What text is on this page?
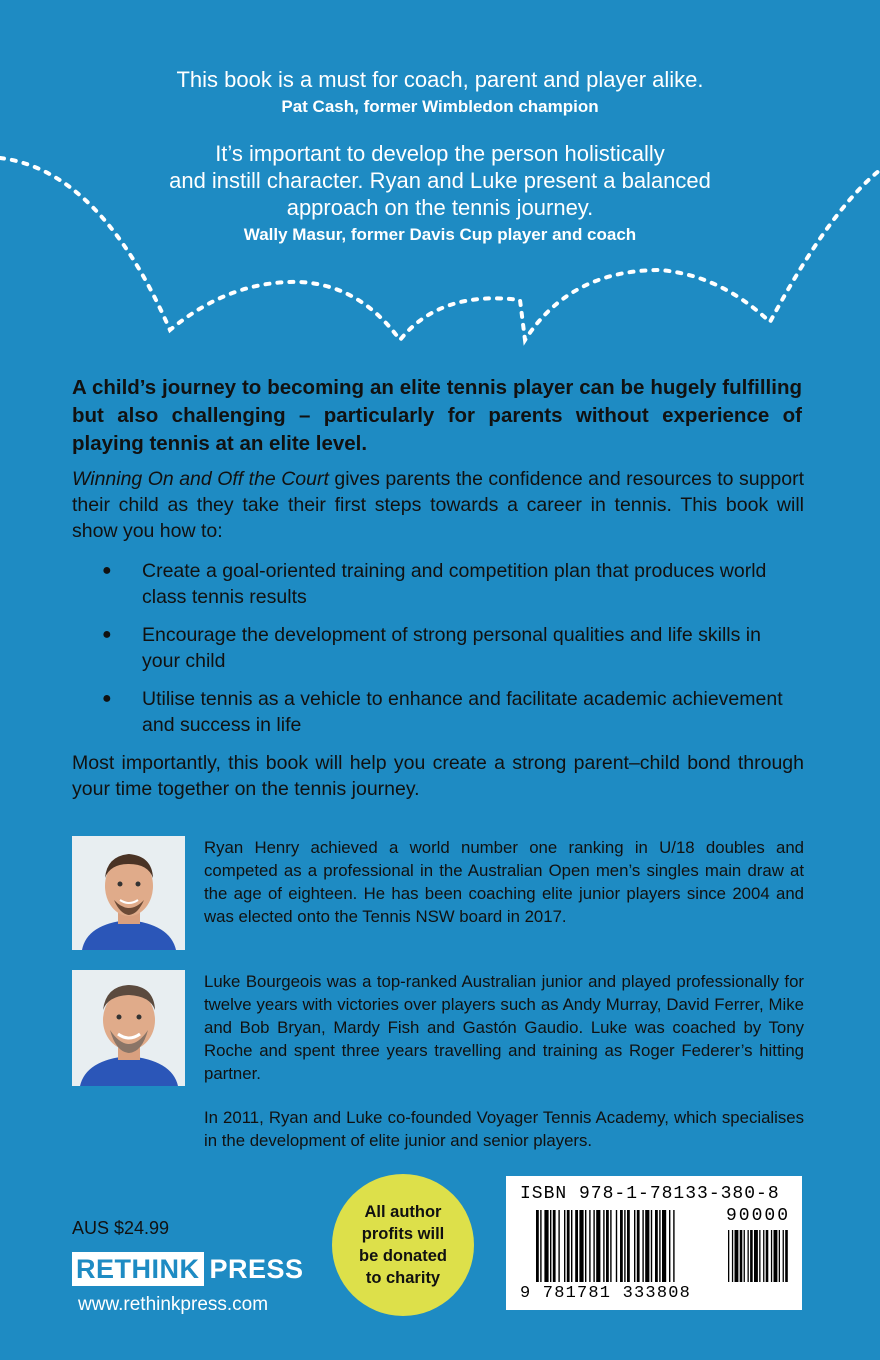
This book is a must for coach, parent and player alike.
Pat Cash, former Wimbledon champion
It’s important to develop the person holistically
and instill character. Ryan and Luke present a balanced
approach on the tennis journey.
Wally Masur, former Davis Cup player and coach
A child’s journey to becoming an elite tennis player can be hugely fulfilling but also challenging – particularly for parents without experience of playing tennis at an elite level.
Winning On and Off the Court gives parents the confidence and resources to support their child as they take their first steps towards a career in tennis. This book will show you how to:
● Create a goal-oriented training and competition plan that produces world class tennis results
● Encourage the development of strong personal qualities and life skills in your child
● Utilise tennis as a vehicle to enhance and facilitate academic achievement and success in life
Most importantly, this book will help you create a strong parent–child bond through your time together on the tennis journey.
Ryan Henry achieved a world number one ranking in U/18 doubles and competed as a professional in the Australian Open men’s singles main draw at the age of eighteen. He has been coaching elite junior players since 2004 and was elected onto the Tennis NSW board in 2017.
Luke Bourgeois was a top-ranked Australian junior and played professionally for twelve years with victories over players such as Andy Murray, David Ferrer, Mike and Bob Bryan, Mardy Fish and Gastón Gaudio. Luke was coached by Tony Roche and spent three years travelling and training as Roger Federer’s hitting partner.
In 2011, Ryan and Luke co-founded Voyager Tennis Academy, which specialises in the development of elite junior and senior players.
AUS $24.99
RETHINK PRESS
www.rethinkpress.com
All author
profits will
be donated
to charity
ISBN 978-1-78133-380-8
90000
9 781781 333808
